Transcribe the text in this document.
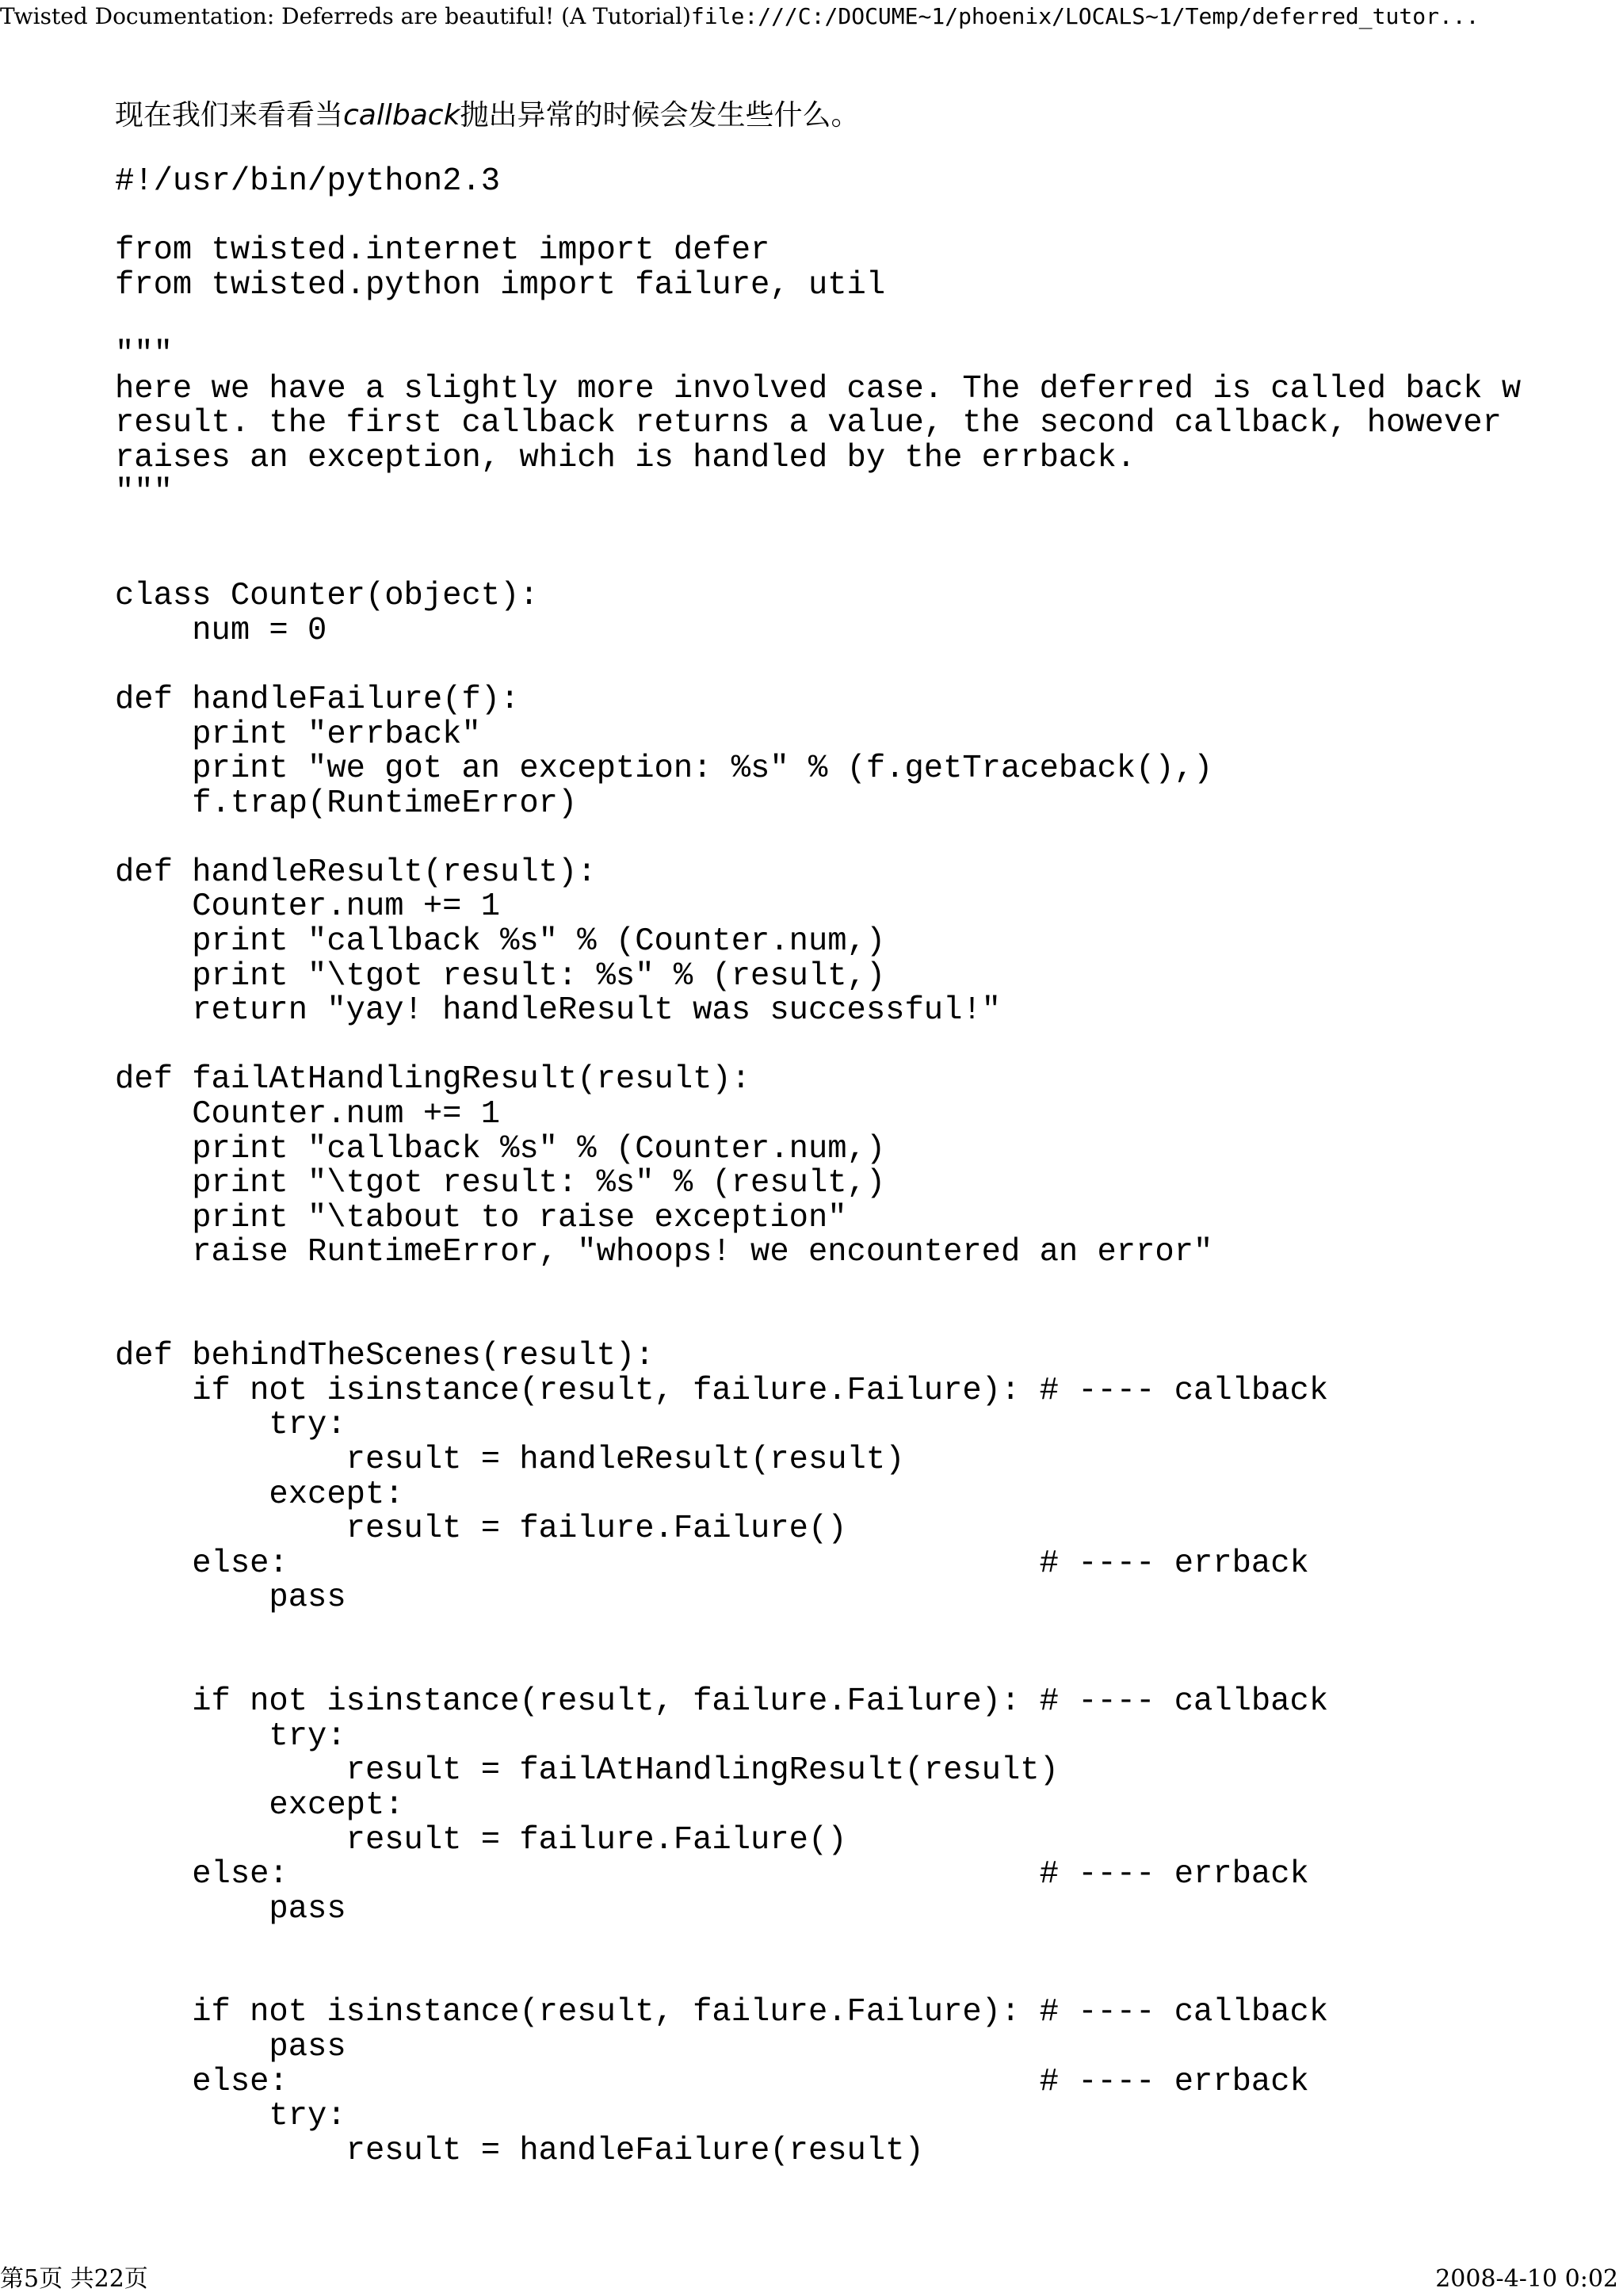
Twisted Documentation: Deferreds are beautiful! (A Tutorial)file:///C:/DOCUME~1/phoenix/LOCALS~1/Temp/deferred_tutor...
现在我们来看看当callback抛出异常的时候会发生些什么。
#!/usr/bin/python2.3

from twisted.internet import defer
from twisted.python import failure, util

"""
here we have a slightly more involved case. The deferred is called back w
result. the first callback returns a value, the second callback, however
raises an exception, which is handled by the errback.
"""

class Counter(object):
num = 0

def handleFailure(f):
print "errback"
print "we got an exception: %s" % (f.getTraceback(),)
f.trap(RuntimeError)

def handleResult(result):
Counter.num += 1
print "callback %s" % (Counter.num,)
print "\tgot result: %s" % (result,)
return "yay! handleResult was successful!"

def failAtHandlingResult(result):
Counter.num += 1
print "callback %s" % (Counter.num,)
print "\tgot result: %s" % (result,)
print "\tabout to raise exception"
raise RuntimeError, "whoops! we encountered an error"

def behindTheScenes(result):
if not isinstance(result, failure.Failure): # ---- callback
try:
result = handleResult(result)
except:
result = failure.Failure()
else:                                       # ---- errback
pass

if not isinstance(result, failure.Failure): # ---- callback
try:
result = failAtHandlingResult(result)
except:
result = failure.Failure()
else:                                       # ---- errback
pass

if not isinstance(result, failure.Failure): # ---- callback
pass
else:                                       # ---- errback
try:
result = handleFailure(result)
第5页 共22页	2008-4-10 0:02
